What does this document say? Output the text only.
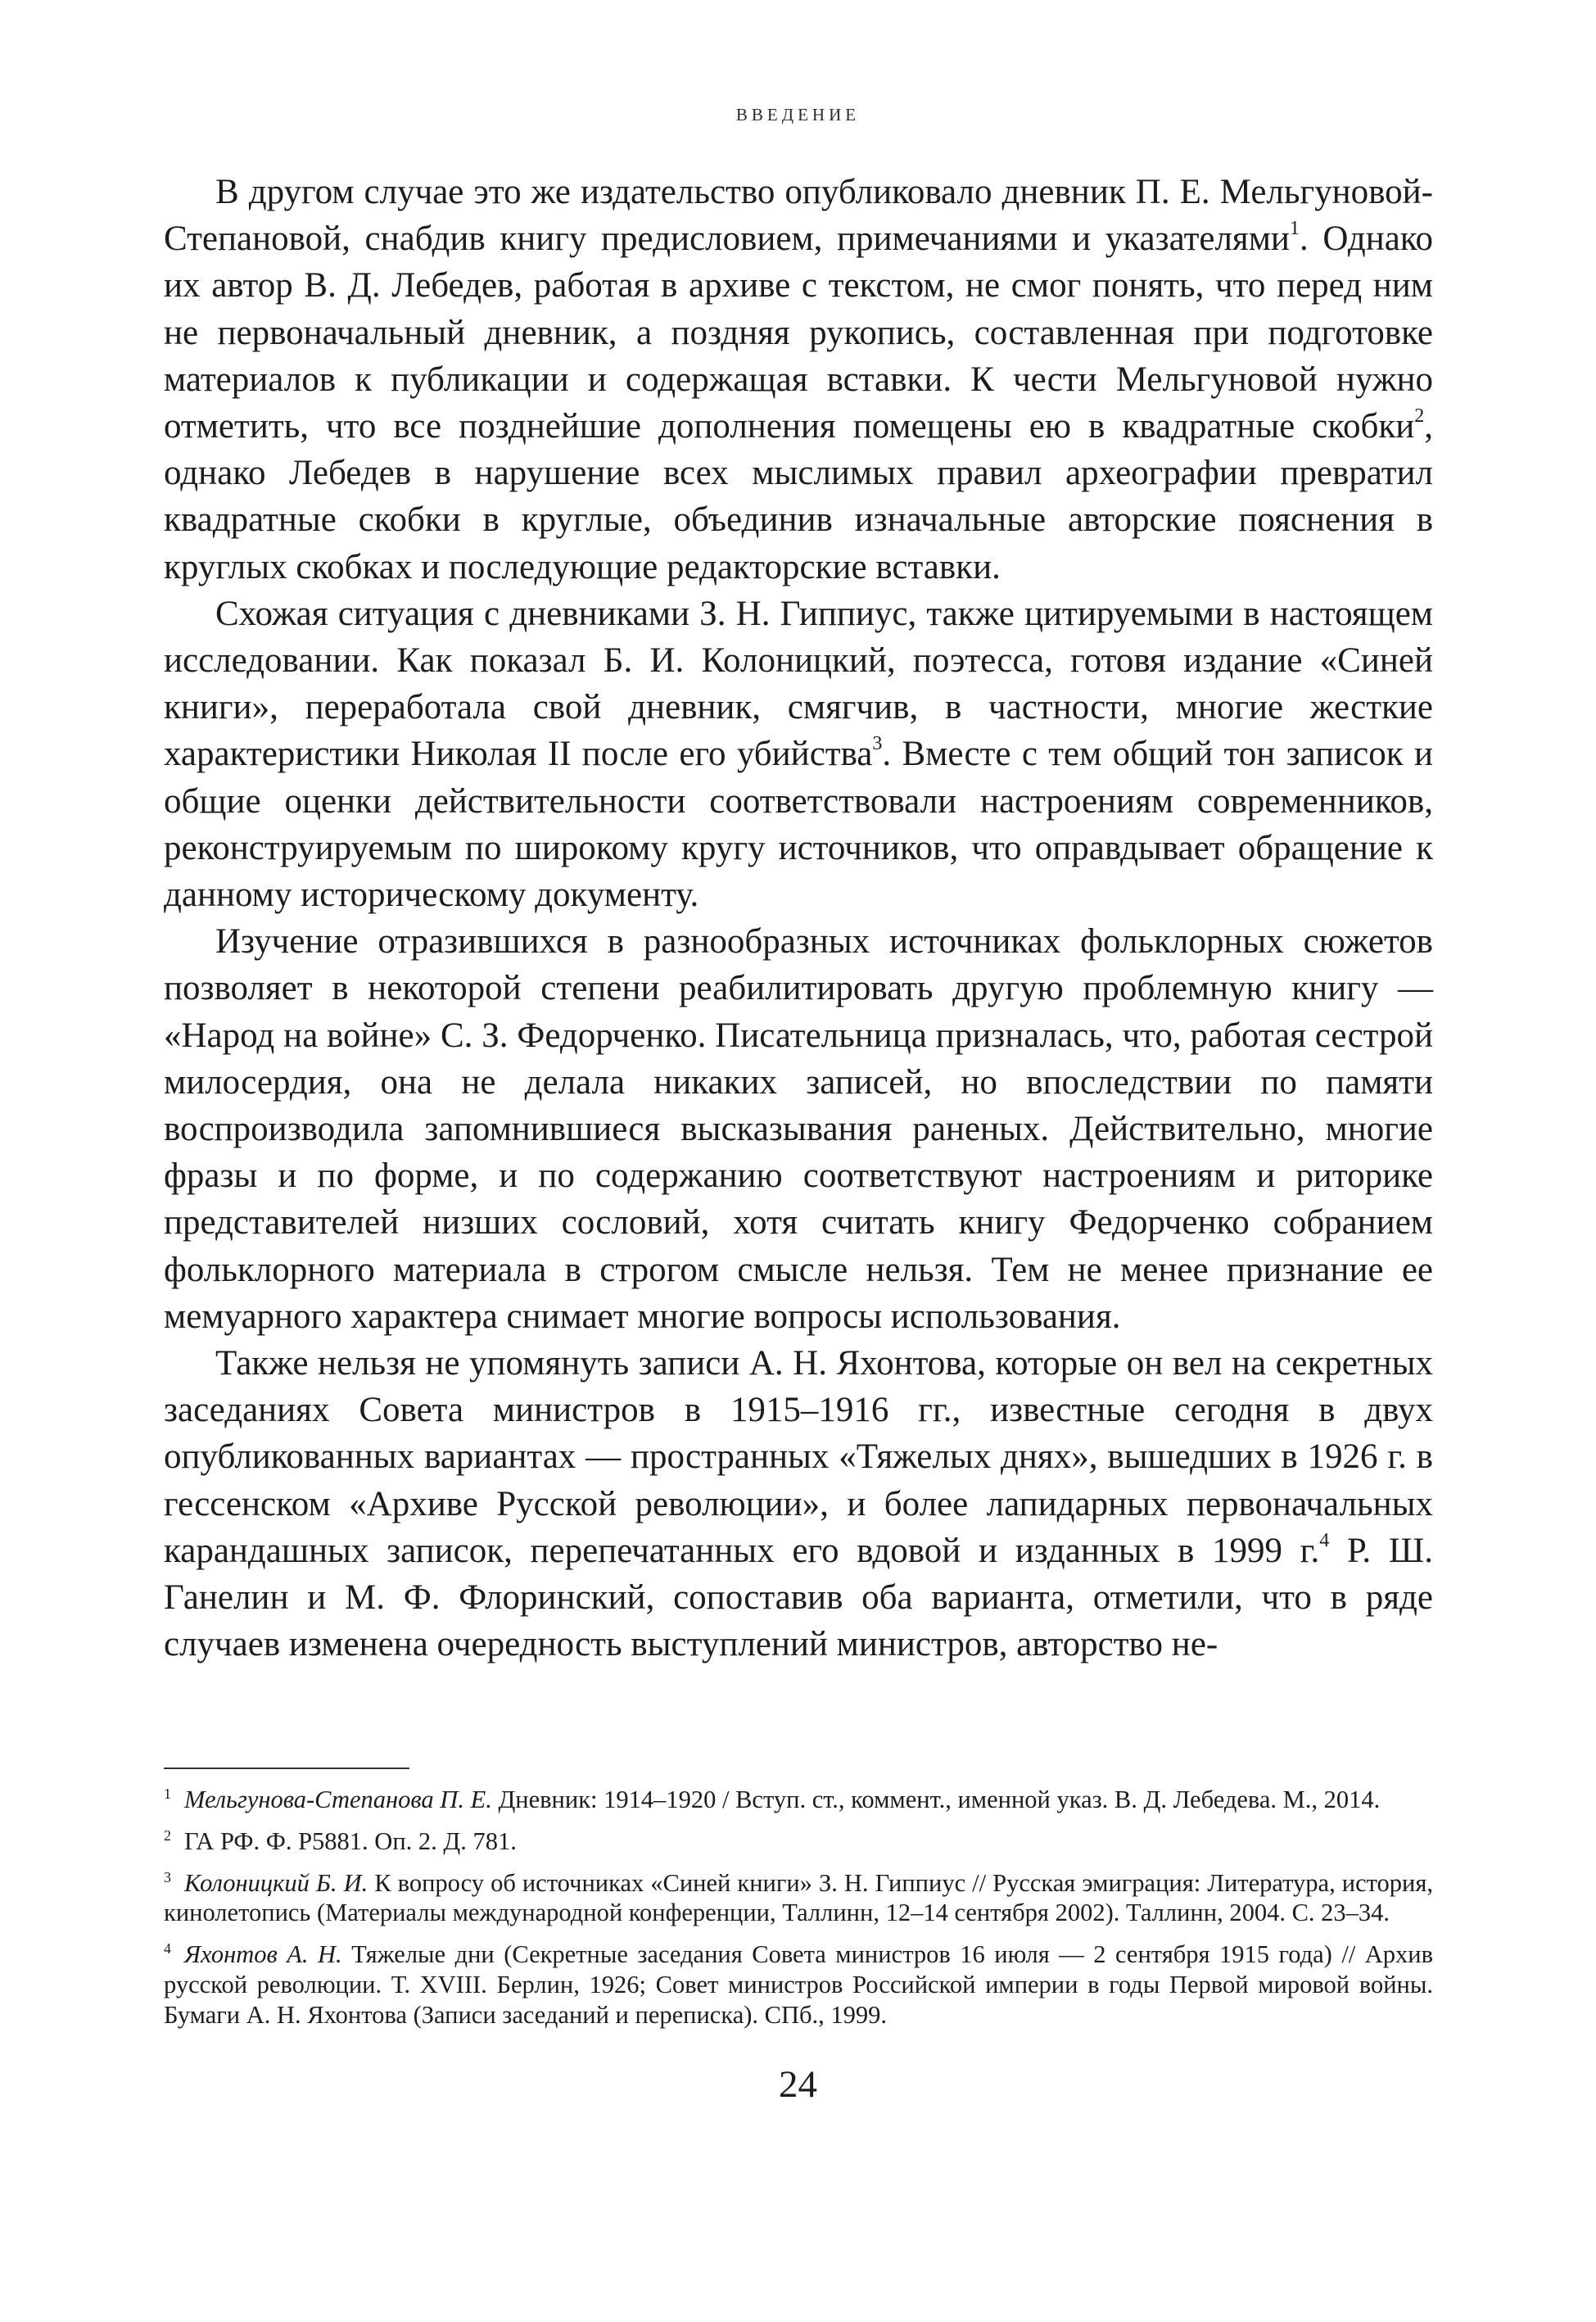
ВВЕДЕНИЕ

В другом случае это же издательство опубликовало дневник П. Е. Мельгуновой-Степановой, снабдив книгу предисловием, примечаниями и указателями$^1$. Однако их автор В. Д. Лебедев, работая в архиве с текстом, не смог понять, что перед ним не первоначальный дневник, а поздняя рукопись, составленная при подготовке материалов к публикации и содержащая вставки. К чести Мельгуновой нужно отметить, что все позднейшие дополнения помещены ею в квадратные скобки$^2$, однако Лебедев в нарушение всех мыслимых правил археографии превратил квадратные скобки в круглые, объединив изначальные авторские пояснения в круглых скобках и последующие редакторские вставки.

Схожая ситуация с дневниками З. Н. Гиппиус, также цитируемыми в настоящем исследовании. Как показал Б. И. Колоницкий, поэтесса, готовя издание «Синей книги», переработала свой дневник, смягчив, в частности, многие жесткие характеристики Николая II после его убийства$^3$. Вместе с тем общий тон записок и общие оценки действительности соответствовали настроениям современников, реконструируемым по широкому кругу источников, что оправдывает обращение к данному историческому документу.

Изучение отразившихся в разнообразных источниках фольклорных сюжетов позволяет в некоторой степени реабилитировать другую проблемную книгу — «Народ на войне» С. З. Федорченко. Писательница призналась, что, работая сестрой милосердия, она не делала никаких записей, но впоследствии по памяти воспроизводила запомнившиеся высказывания раненых. Действительно, многие фразы и по форме, и по содержанию соответствуют настроениям и риторике представителей низших сословий, хотя считать книгу Федорченко собранием фольклорного материала в строгом смысле нельзя. Тем не менее признание ее мемуарного характера снимает многие вопросы использования.

Также нельзя не упомянуть записи А. Н. Яхонтова, которые он вел на секретных заседаниях Совета министров в 1915–1916 гг., известные сегодня в двух опубликованных вариантах — пространных «Тяжелых днях», вышедших в 1926 г. в гессенском «Архиве Русской революции», и более лапидарных первоначальных карандашных записок, перепечатанных его вдовой и изданных в 1999 г.$^4$ Р. Ш. Ганелин и М. Ф. Флоринский, сопоставив оба варианта, отметили, что в ряде случаев изменена очередность выступлений министров, авторство не-

$^1$ Мельгунова-Степанова П. Е. Дневник: 1914–1920 / Вступ. ст., коммент., именной указ. В. Д. Лебедева. М., 2014.
$^2$ ГА РФ. Ф. Р5881. Оп. 2. Д. 781.
$^3$ Колоницкий Б. И. К вопросу об источниках «Синей книги» З. Н. Гиппиус // Русская эмиграция: Литература, история, кинолетопись (Материалы международной конференции, Таллинн, 12–14 сентября 2002). Таллинн, 2004. С. 23–34.
$^4$ Яхонтов А. Н. Тяжелые дни (Секретные заседания Совета министров 16 июля — 2 сентября 1915 года) // Архив русской революции. Т. XVIII. Берлин, 1926; Совет министров Российской империи в годы Первой мировой войны. Бумаги А. Н. Яхонтова (Записи заседаний и переписка). СПб., 1999.
24
